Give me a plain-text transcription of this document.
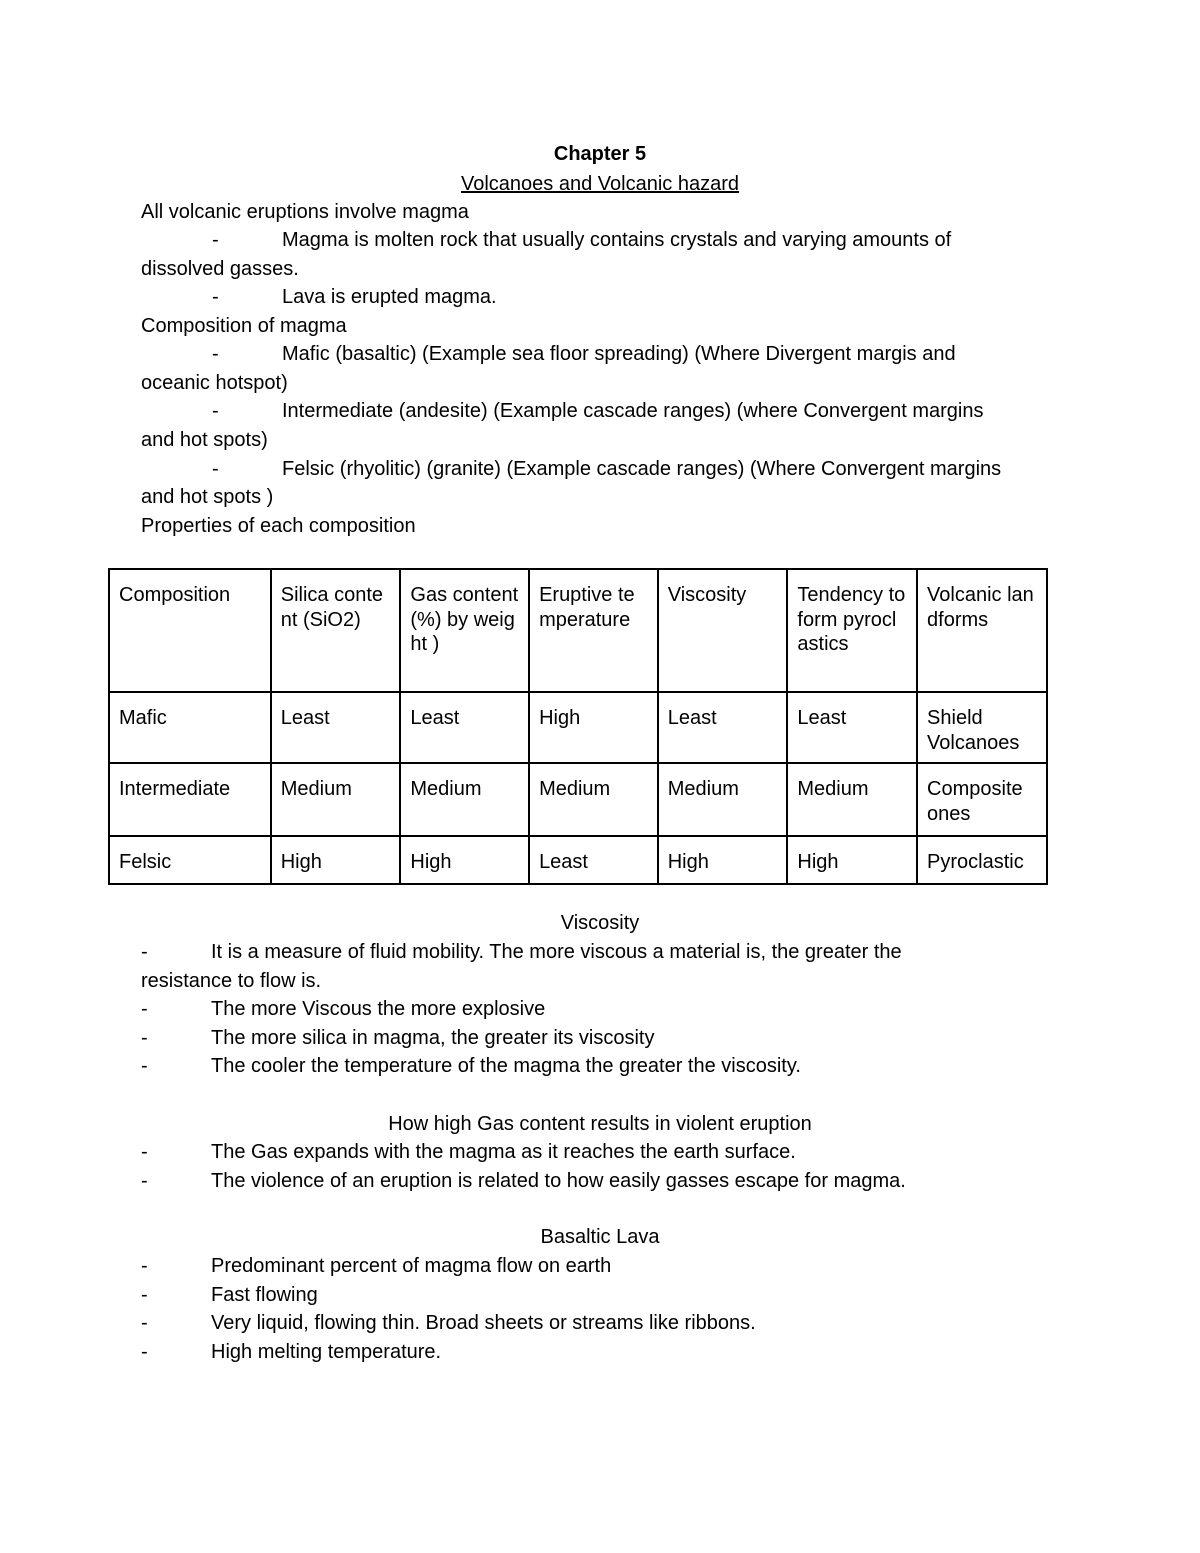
Chapter 5
Volcanoes and Volcanic hazard
All volcanic eruptions involve magma
-	Magma is molten rock that usually contains crystals and varying amounts of
dissolved gasses.
-	Lava is erupted magma.
Composition of magma
-	Mafic (basaltic) (Example sea floor spreading) (Where Divergent margis and
oceanic hotspot)
-	Intermediate (andesite) (Example cascade ranges) (where Convergent margins
and hot spots)
-	Felsic (rhyolitic) (granite) (Example cascade ranges) (Where Convergent margins
and hot spots )
Properties of each composition
Composition	Silica content (SiO2)	Gas content (%) by weight )	Eruptive temperature	Viscosity	Tendency to form pyroclastics	Volcanic landforms
Mafic	Least	Least	High	Least	Least	Shield Volcanoes
Intermediate	Medium	Medium	Medium	Medium	Medium	Composite ones
Felsic	High	High	Least	High	High	Pyroclastic
Viscosity
-	It is a measure of fluid mobility. The more viscous a material is, the greater the
resistance to flow is.
-	The more Viscous the more explosive
-	The more silica in magma, the greater its viscosity
-	The cooler the temperature of the magma the greater the viscosity.
How high Gas content results in violent eruption
-	The Gas expands with the magma as it reaches the earth surface.
-	The violence of an eruption is related to how easily gasses escape for magma.
Basaltic Lava
-	Predominant percent of magma flow on earth
-	Fast flowing
-	Very liquid, flowing thin. Broad sheets or streams like ribbons.
-	High melting temperature.
